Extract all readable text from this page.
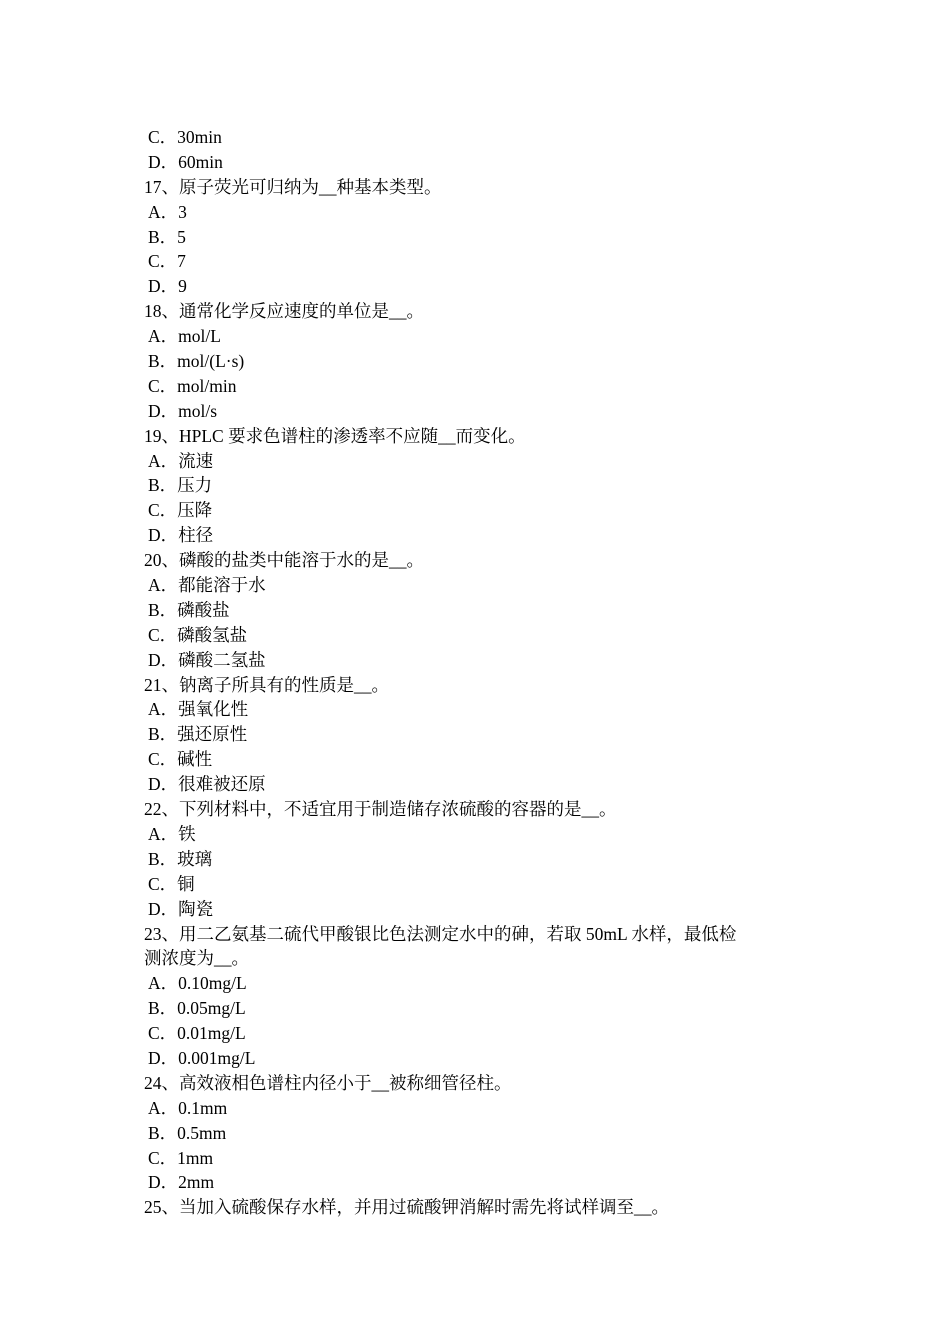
C．30min
D．60min
17、原子荧光可归纳为__种基本类型。
A．3
B．5
C．7
D．9
18、通常化学反应速度的单位是__。
A．mol/L
B．mol/(L·s)
C．mol/min
D．mol/s
19、HPLC 要求色谱柱的渗透率不应随__而变化。
A．流速
B．压力
C．压降
D．柱径
20、磷酸的盐类中能溶于水的是__。
A．都能溶于水
B．磷酸盐
C．磷酸氢盐
D．磷酸二氢盐
21、钠离子所具有的性质是__。
A．强氧化性
B．强还原性
C．碱性
D．很难被还原
22、下列材料中，不适宜用于制造储存浓硫酸的容器的是__。
A．铁
B．玻璃
C．铜
D．陶瓷
23、用二乙氨基二硫代甲酸银比色法测定水中的砷，若取 50mL 水样，最低检
测浓度为__。
A．0.10mg/L
B．0.05mg/L
C．0.01mg/L
D．0.001mg/L
24、高效液相色谱柱内径小于__被称细管径柱。
A．0.1mm
B．0.5mm
C．1mm
D．2mm
25、当加入硫酸保存水样，并用过硫酸钾消解时需先将试样调至__。
